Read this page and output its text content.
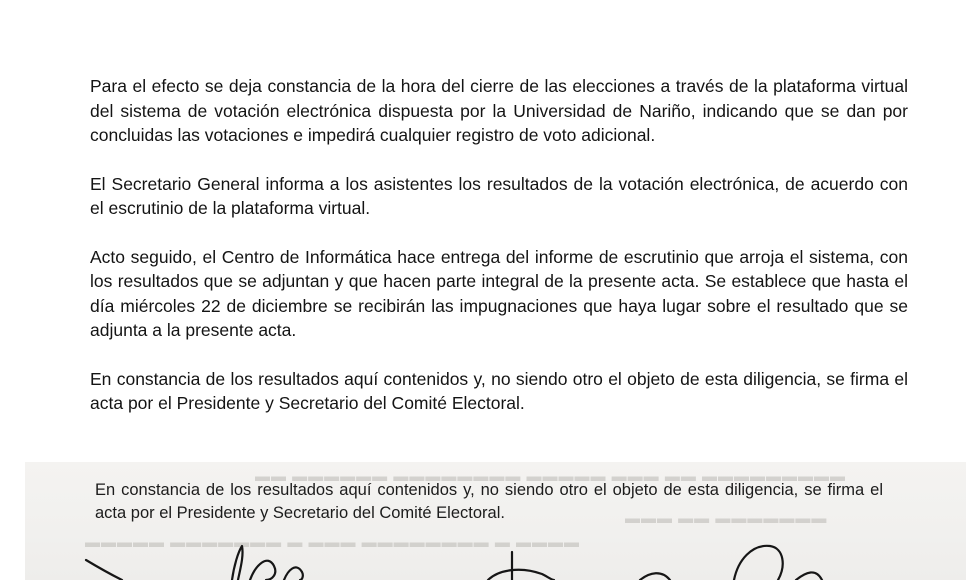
Para el efecto se deja constancia de la hora del cierre de las elecciones a través de la plataforma virtual del sistema de votación electrónica dispuesta por la Universidad de Nariño, indicando que se dan por concluidas las votaciones e impedirá cualquier registro de voto adicional.

El Secretario General informa a los asistentes los resultados de la votación electrónica, de acuerdo con el escrutinio de la plataforma virtual.

Acto seguido, el Centro de Informática hace entrega del informe de escrutinio que arroja el sistema, con los resultados que se adjuntan y que hacen parte integral de la presente acta. Se establece que hasta el día miércoles 22 de diciembre se recibirán las impugnaciones que haya lugar sobre el resultado que se adjunta a la presente acta.

En constancia de los resultados aquí contenidos y, no siendo otro el objeto de esta diligencia, se firma el acta por el Presidente y Secretario del Comité Electoral.

▬▬ ▬▬▬▬▬▬ ▬▬▬▬▬▬▬▬ ▬▬▬▬▬ ▬▬▬ ▬▬ ▬▬▬▬▬▬▬▬▬
▬▬▬ ▬▬ ▬▬▬▬▬▬▬
▬▬▬▬▬ ▬▬▬▬▬▬▬ ▬ ▬▬▬ ▬▬▬▬▬▬▬▬ ▬ ▬▬▬▬

En constancia de los resultados aquí contenidos y, no siendo otro el objeto de esta diligencia, se firma el acta por el Presidente y Secretario del Comité Electoral.
